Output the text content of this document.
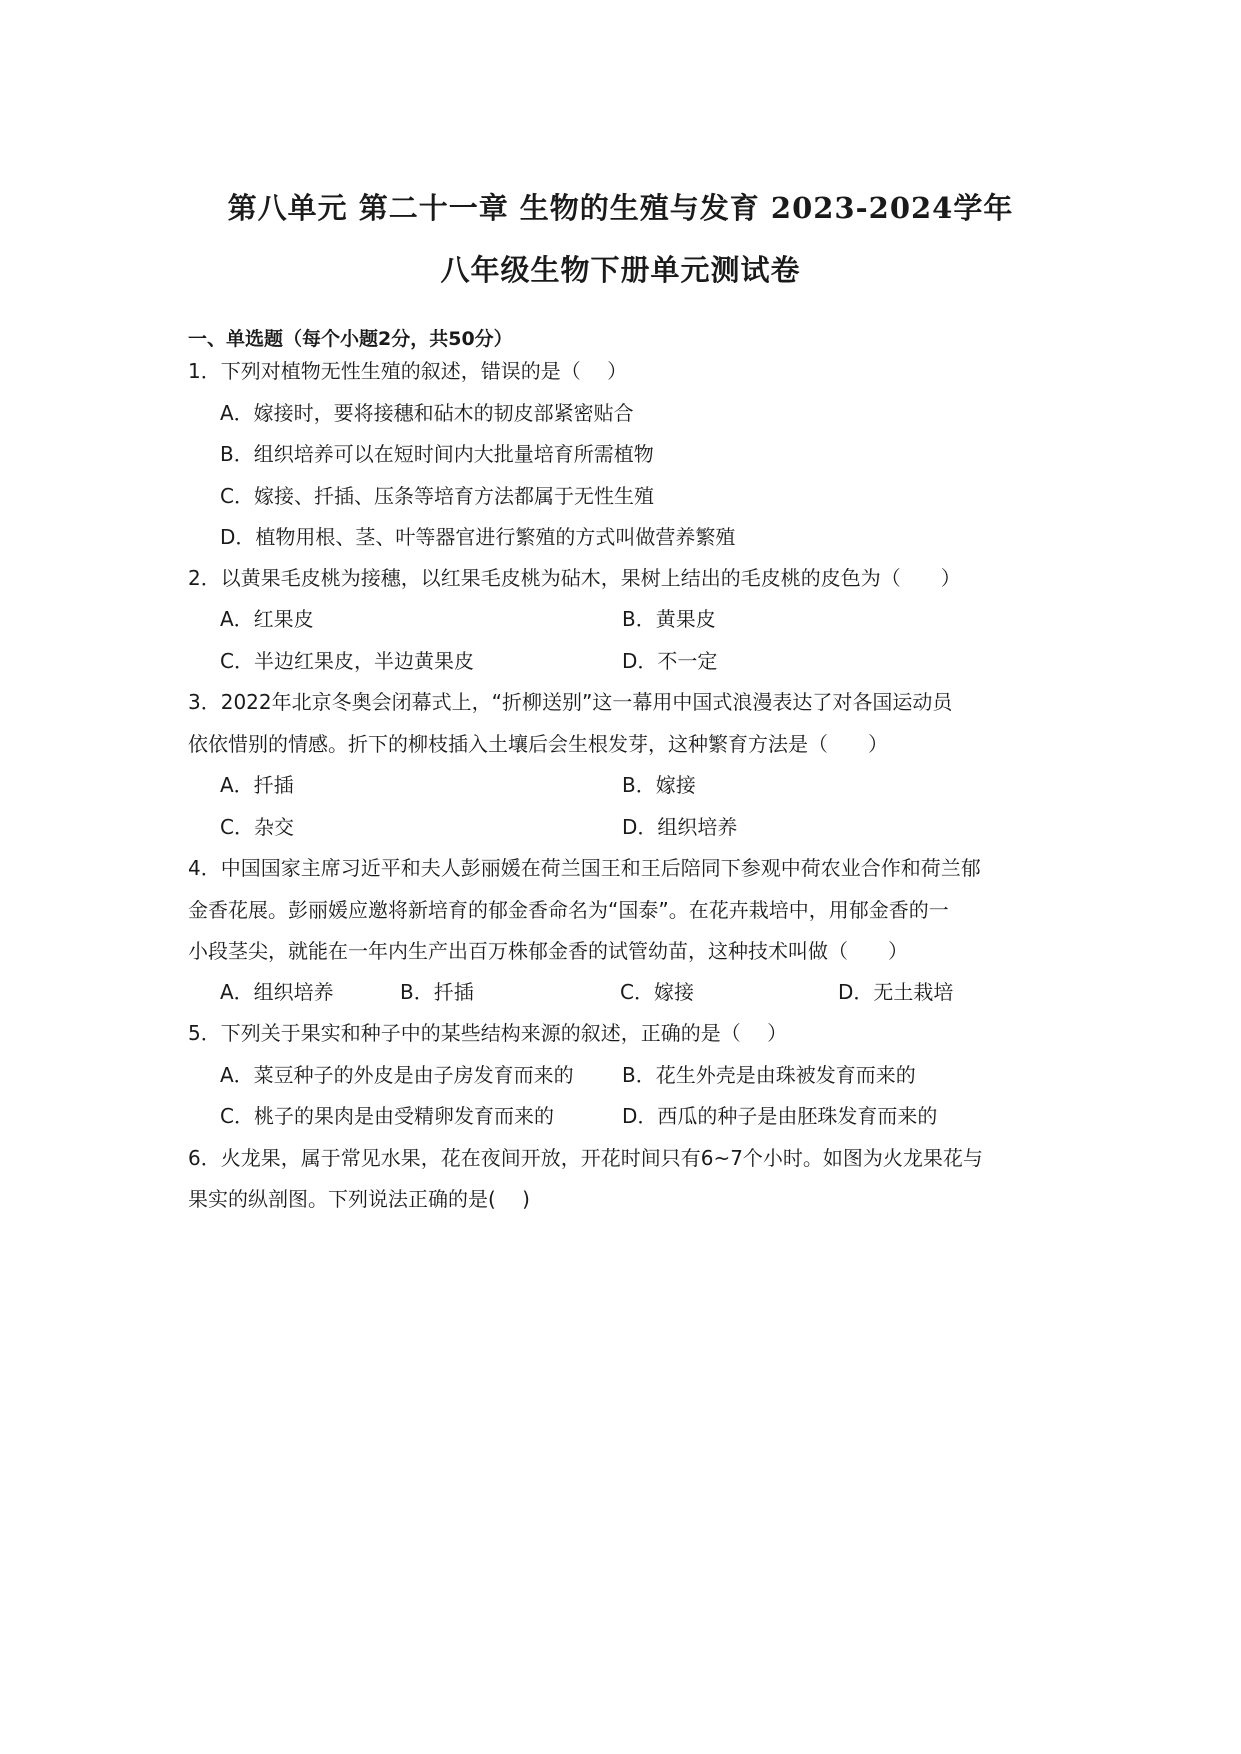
第八单元 第二十一章 生物的生殖与发育 2023-2024学年
八年级生物下册单元测试卷
一、单选题（每个小题2分，共50分）
1．下列对植物无性生殖的叙述，错误的是（　 ）
A．嫁接时，要将接穗和砧木的韧皮部紧密贴合
B．组织培养可以在短时间内大批量培育所需植物
C．嫁接、扦插、压条等培育方法都属于无性生殖
D．植物用根、茎、叶等器官进行繁殖的方式叫做营养繁殖
2．以黄果毛皮桃为接穗，以红果毛皮桃为砧木，果树上结出的毛皮桃的皮色为（　　）
A．红果皮	B．黄果皮
C．半边红果皮，半边黄果皮	D．不一定
3．2022年北京冬奥会闭幕式上，“折柳送别”这一幕用中国式浪漫表达了对各国运动员
依依惜别的情感。折下的柳枝插入土壤后会生根发芽，这种繁育方法是（　　）
A．扦插	B．嫁接
C．杂交	D．组织培养
4．中国国家主席习近平和夫人彭丽媛在荷兰国王和王后陪同下参观中荷农业合作和荷兰郁
金香花展。彭丽媛应邀将新培育的郁金香命名为“国泰”。在花卉栽培中，用郁金香的一
小段茎尖，就能在一年内生产出百万株郁金香的试管幼苗，这种技术叫做（　　）
A．组织培养	B．扦插	C．嫁接	D．无土栽培
5．下列关于果实和种子中的某些结构来源的叙述，正确的是（　 ）
A．菜豆种子的外皮是由子房发育而来的 B．花生外壳是由珠被发育而来的
C．桃子的果肉是由受精卵发育而来的	D．西瓜的种子是由胚珠发育而来的
6．火龙果，属于常见水果，花在夜间开放，开花时间只有6~7个小时。如图为火龙果花与
果实的纵剖图。下列说法正确的是(　 )
